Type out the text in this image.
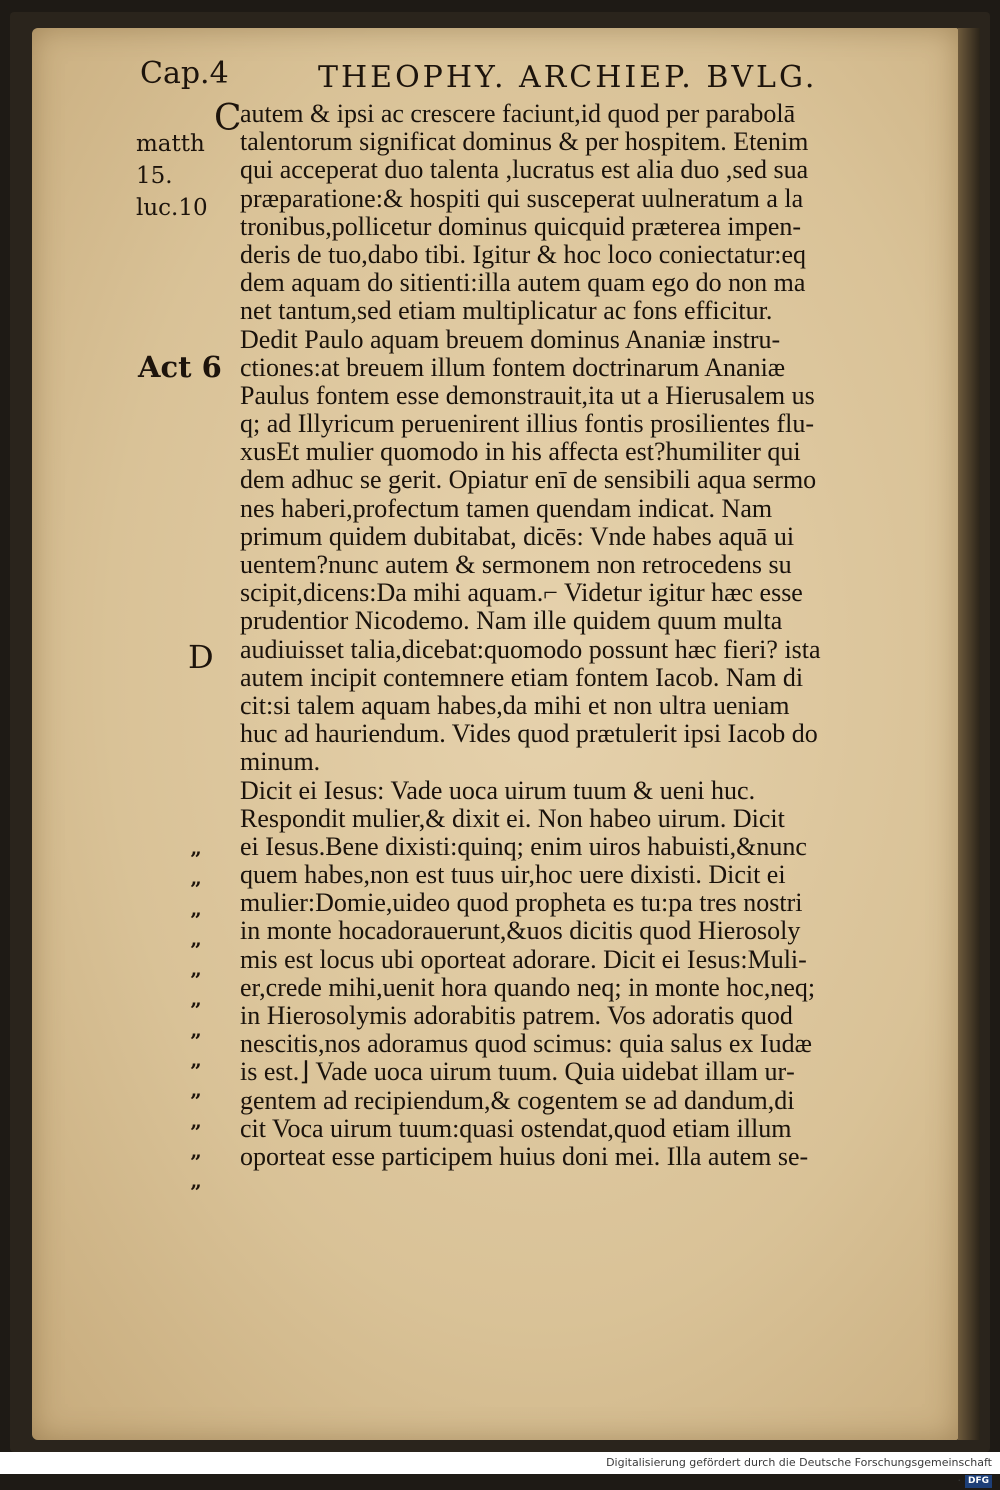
Cap.4	THEOPHY. ARCHIEP. BVLG.
C
matth
15.
luc.10
Act 6
D
”
”
”
”
”
”
”
”
”
”
”
”
autem & ipsi ac crescere faciunt,id quod per parabolā
talentorum significat dominus & per hospitem. Etenim
qui acceperat duo talenta ,lucratus est alia duo ,sed sua
præparatione:& hospiti qui susceperat uulneratum a la
tronibus,pollicetur dominus quicquid præterea impen‑
deris de tuo,dabo tibi. Igitur & hoc loco coniectatur:eq
dem aquam do sitienti:illa autem quam ego do non ma
net tantum,sed etiam multiplicatur ac fons efficitur.
Dedit Paulo aquam breuem dominus Ananiæ instru‑
ctiones:at breuem illum fontem doctrinarum Ananiæ
Paulus fontem esse demonstrauit,ita ut a Hierusalem us
q; ad Illyricum peruenirent illius fontis prosilientes flu‑
xusEt mulier quomodo in his affecta est?humiliter qui
dem adhuc se gerit. Opiatur enī de sensibili aqua sermo
nes haberi,profectum tamen quendam indicat. Nam
primum quidem dubitabat, dicēs: Vnde habes aquā ui
uentem?nunc autem & sermonem non retrocedens su
scipit,dicens:Da mihi aquam.⌐ Videtur igitur hæc esse
prudentior Nicodemo. Nam ille quidem quum multa
audiuisset talia,dicebat:quomodo possunt hæc fieri? ista
autem incipit contemnere etiam fontem Iacob. Nam di
cit:si talem aquam habes,da mihi et non ultra ueniam
huc ad hauriendum. Vides quod prætulerit ipsi Iacob do
minum.
Dicit ei Iesus: Vade uoca uirum tuum & ueni huc.
Respondit mulier,& dixit ei. Non habeo uirum. Dicit
ei Iesus.Bene dixisti:quinq; enim uiros habuisti,&nunc
quem habes,non est tuus uir,hoc uere dixisti. Dicit ei
mulier:Domie,uideo quod propheta es tu:pa tres nostri
in monte hocadorauerunt,&uos dicitis quod Hierosoly
mis est locus ubi oporteat adorare. Dicit ei Iesus:Muli‑
er,crede mihi,uenit hora quando neq; in monte hoc,neq;
in Hierosolymis adorabitis patrem. Vos adoratis quod
nescitis,nos adoramus quod scimus: quia salus ex Iudæ
is est.⌋ Vade uoca uirum tuum. Quia uidebat illam ur‑
gentem ad recipiendum,& cogentem se ad dandum,di
cit Voca uirum tuum:quasi ostendat,quod etiam illum
oporteat esse participem huius doni mei. Illa autem se‑
Digitalisierung gefördert durch die Deutsche Forschungsgemeinschaft · DFG
